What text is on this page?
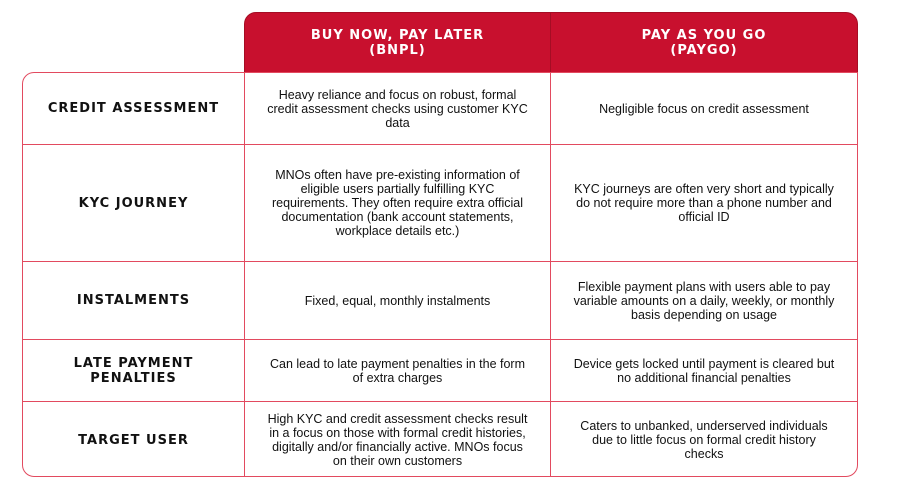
BUY NOW, PAY LATER
(BNPL)
PAY AS YOU GO
(PAYGO)
CREDIT ASSESSMENT
Heavy reliance and focus on robust, formal credit assessment checks using customer KYC data
Negligible focus on credit assessment
KYC JOURNEY
MNOs often have pre-existing information of eligible users partially fulfilling KYC requirements. They often require extra official documentation (bank account statements, workplace details etc.)
KYC journeys are often very short and typically do not require more than a phone number and official ID
INSTALMENTS	Fixed, equal, monthly instalments
Flexible payment plans with users able to pay variable amounts on a daily, weekly, or monthly basis depending on usage
LATE PAYMENT
PENALTIES
Can lead to late payment penalties in the form of extra charges
Device gets locked until payment is cleared but no additional financial penalties
TARGET USER
High KYC and credit assessment checks result in a focus on those with formal credit histories, digitally and/or financially active. MNOs focus on their own customers
Caters to unbanked, underserved individuals due to little focus on formal credit history checks
